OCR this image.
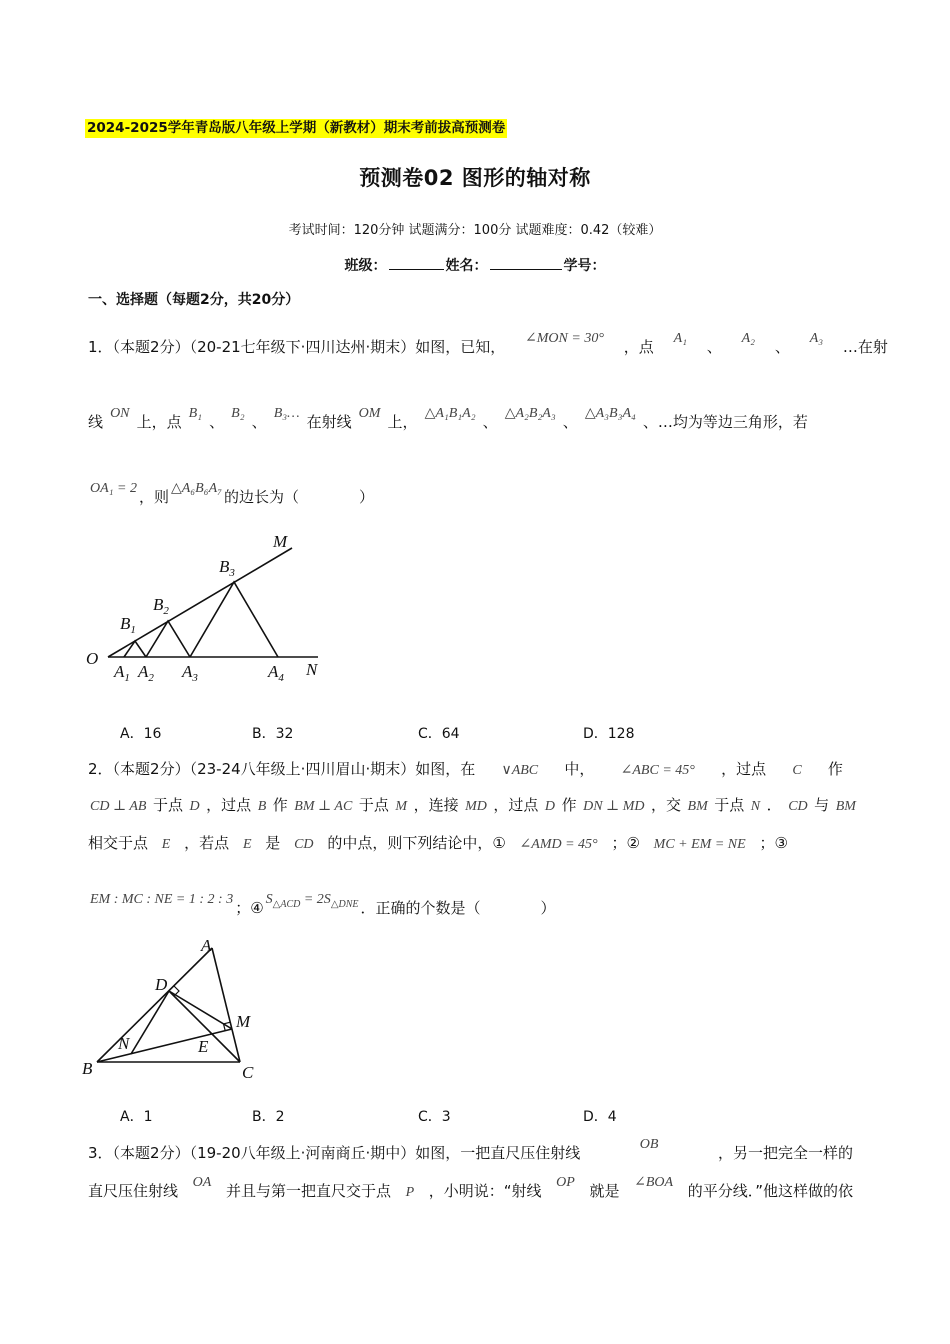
2024-2025学年青岛版八年级上学期（新教材）期末考前拔高预测卷
预测卷02 图形的轴对称
考试时间：120分钟 试题满分：100分 试题难度：0.42（较难）
班级：	姓名：	学号：
一、选择题（每题2分，共20分）
1．（本题2分）（20-21七年级下·四川达州·期末）如图，已知， ∠MON = 30° ，点 A₁ 、 A₂ 、 A₃ …在射
线 ON 上，点 B₁ 、 B₂ 、 B₃… 在射线 OM 上， △A₁B₁A₂ 、 △A₂B₂A₃ 、 △A₃B₃A₄ 、…均为等边三角形，若
OA₁ = 2 ，则 △A₆B₆A₇ 的边长为（　　　　）
O
N
M
$A_1$ $A_2$ $A_3$	$A_4$
$B_1$
$B_2$
$B_3$
A．16	B．32	C．64	D．128
2．（本题2分）（23-24八年级上·四川眉山·期末）如图，在 ∨ABC 中， ∠ABC = 45° ，过点 C 作
CD ⊥ AB 于点 D ，过点 B 作 BM ⊥ AC 于点 M ，连接 MD ，过点 D 作 DN ⊥ MD ，交 BM 于点 N ． CD 与 BM
相交于点 E ，若点 E 是 CD 的中点，则下列结论中，① ∠AMD = 45° ；② MC + EM = NE ；③
EM : MC : NE = 1 : 2 : 3 ；④ $S_{\triangle ACD} = 2S_{\triangle DNE}$ ．正确的个数是（　　　　）
A
B	C
D
M
N	E
A．1	B．2	C．3	D．4
3．（本题2分）（19-20八年级上·河南商丘·期中）如图，一把直尺压住射线	OB	，另一把完全一样的
直尺压住射线 OA 并且与第一把直尺交于点 P ，小明说：“射线 OP 就是 ∠BOA 的平分线．”他这样做的依
